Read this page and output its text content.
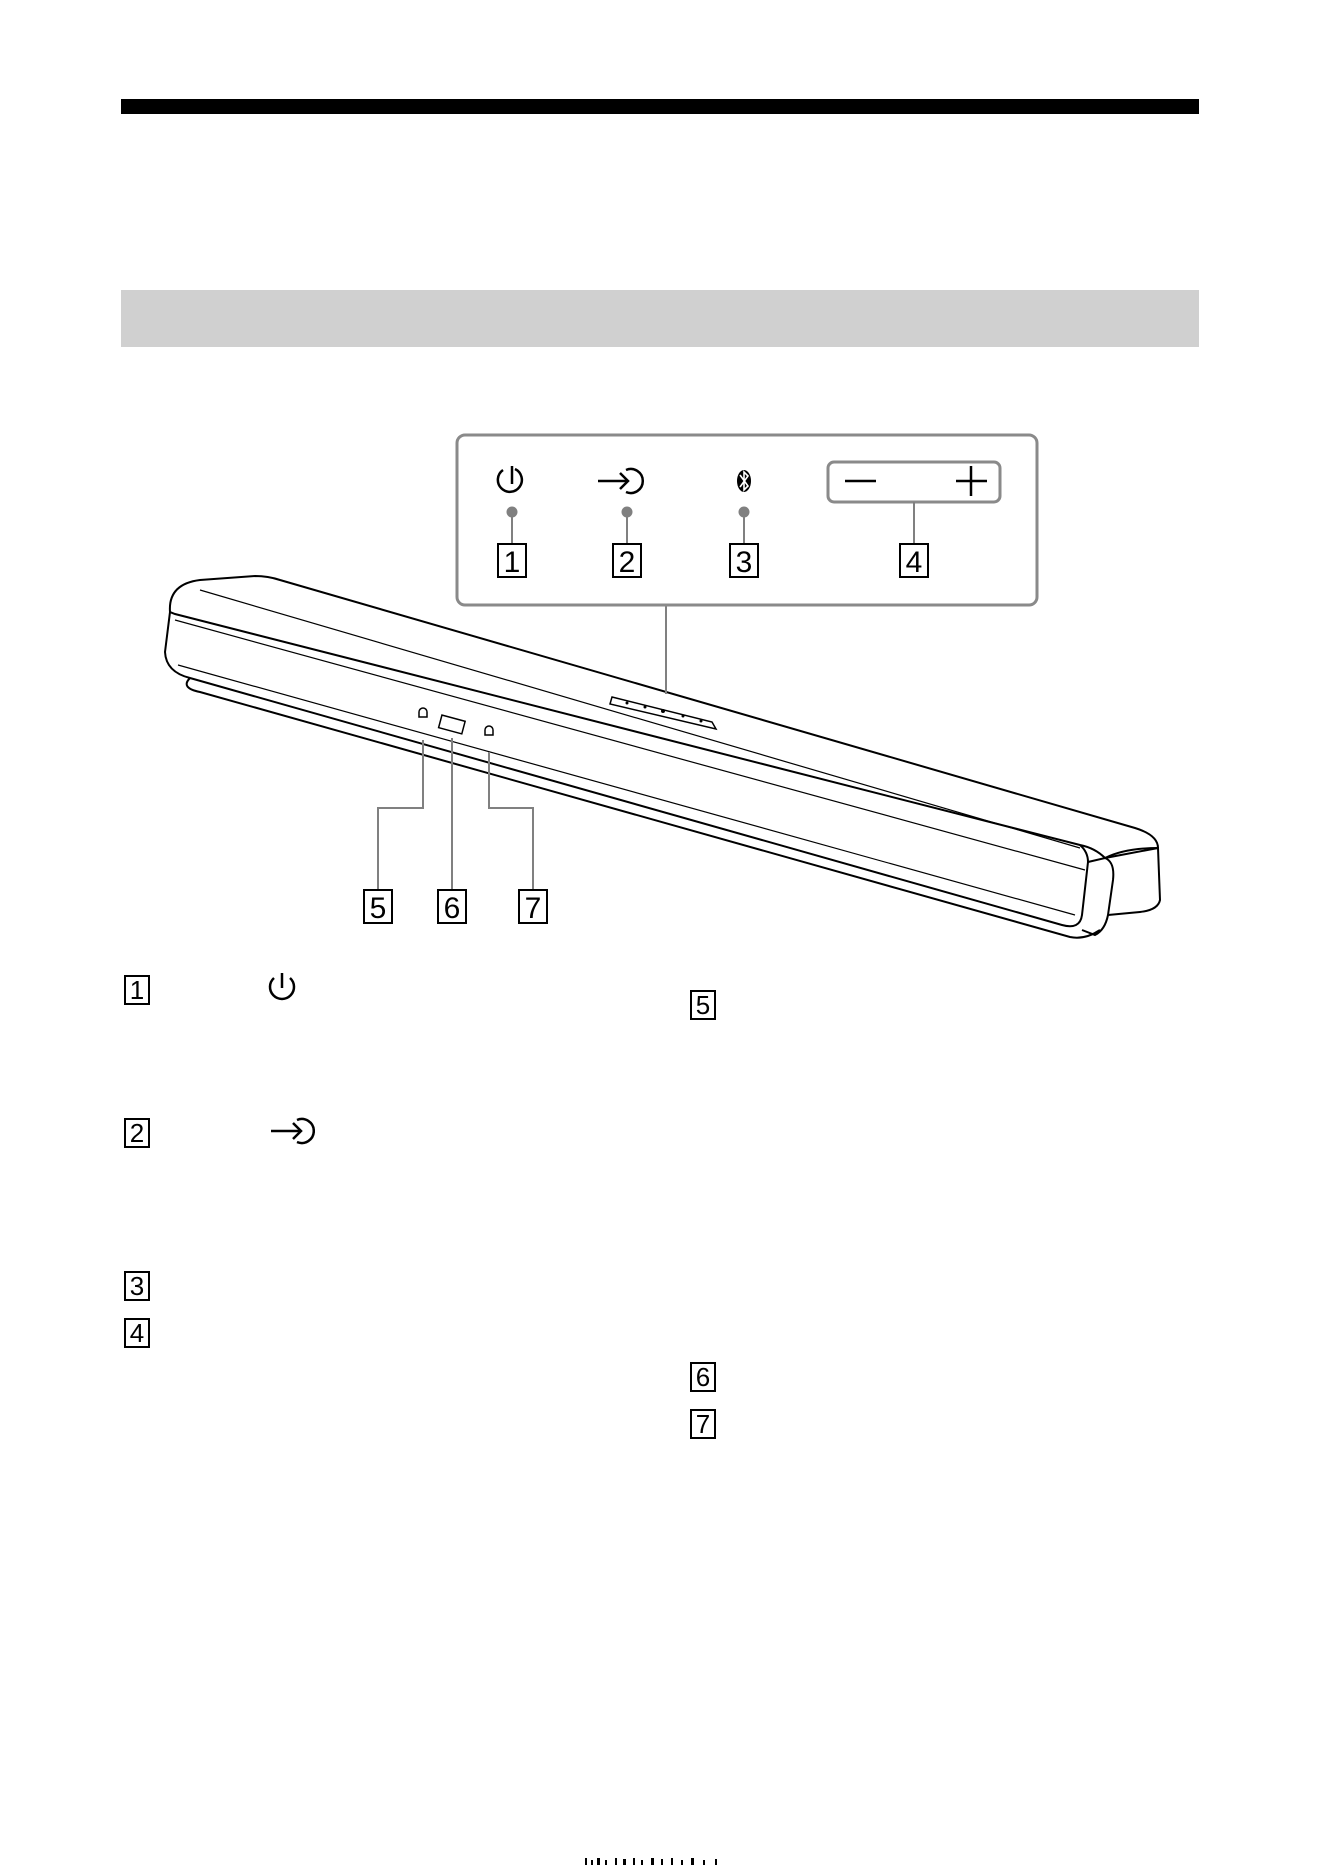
1	2	3	4
5 6 7
1
2
3
4
5
6
7
